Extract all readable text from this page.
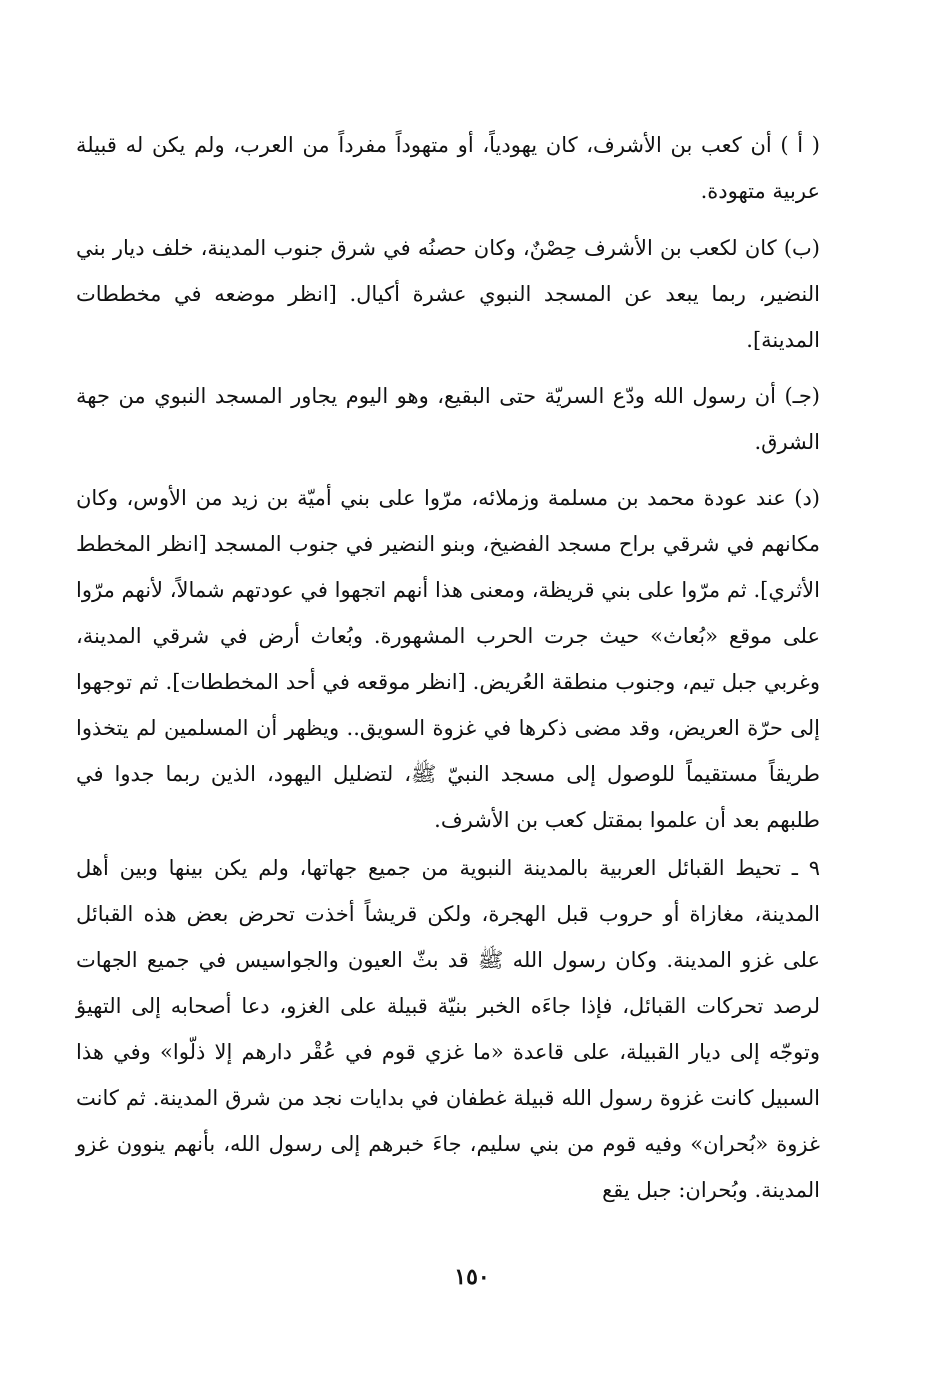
( أ ) أن كعب بن الأشرف، كان يهودياً، أو متهوداً مفرداً من العرب، ولم يكن له قبيلة عربية متهودة.

(ب) كان لكعب بن الأشرف حِصْنٌ، وكان حصنُه في شرق جنوب المدينة، خلف ديار بني النضير، ربما يبعد عن المسجد النبوي عشرة أكيال. [انظر موضعه في مخططات المدينة].

(جـ) أن رسول الله ودّع السريّة حتى البقيع، وهو اليوم يجاور المسجد النبوي من جهة الشرق.

(د) عند عودة محمد بن مسلمة وزملائه، مرّوا على بني أميّة بن زيد من الأوس، وكان مكانهم في شرقي براح مسجد الفضيخ، وبنو النضير في جنوب المسجد [انظر المخطط الأثري]. ثم مرّوا على بني قريظة، ومعنى هذا أنهم اتجهوا في عودتهم شمالاً، لأنهم مرّوا على موقع «بُعاث» حيث جرت الحرب المشهورة. وبُعاث أرض في شرقي المدينة، وغربي جبل تيم، وجنوب منطقة العُريض. [انظر موقعه في أحد المخططات]. ثم توجهوا إلى حرّة العريض، وقد مضى ذكرها في غزوة السويق.. ويظهر أن المسلمين لم يتخذوا طريقاً مستقيماً للوصول إلى مسجد النبيّ ﷺ، لتضليل اليهود، الذين ربما جدوا في طلبهم بعد أن علموا بمقتل كعب بن الأشرف.

٩ ـ تحيط القبائل العربية بالمدينة النبوية من جميع جهاتها، ولم يكن بينها وبين أهل المدينة، مغازاة أو حروب قبل الهجرة، ولكن قريشاً أخذت تحرض بعض هذه القبائل على غزو المدينة. وكان رسول الله ﷺ قد بثّ العيون والجواسيس في جميع الجهات لرصد تحركات القبائل، فإذا جاءَه الخبر بنيّة قبيلة على الغزو، دعا أصحابه إلى التهيؤ وتوجّه إلى ديار القبيلة، على قاعدة «ما غزي قوم في عُقْر دارهم إلا ذلّوا» وفي هذا السبيل كانت غزوة رسول الله قبيلة غطفان في بدايات نجد من شرق المدينة. ثم كانت غزوة «بُحران» وفيه قوم من بني سليم، جاءَ خبرهم إلى رسول الله، بأنهم ينوون غزو المدينة. وبُحران: جبل يقع

١٥٠
